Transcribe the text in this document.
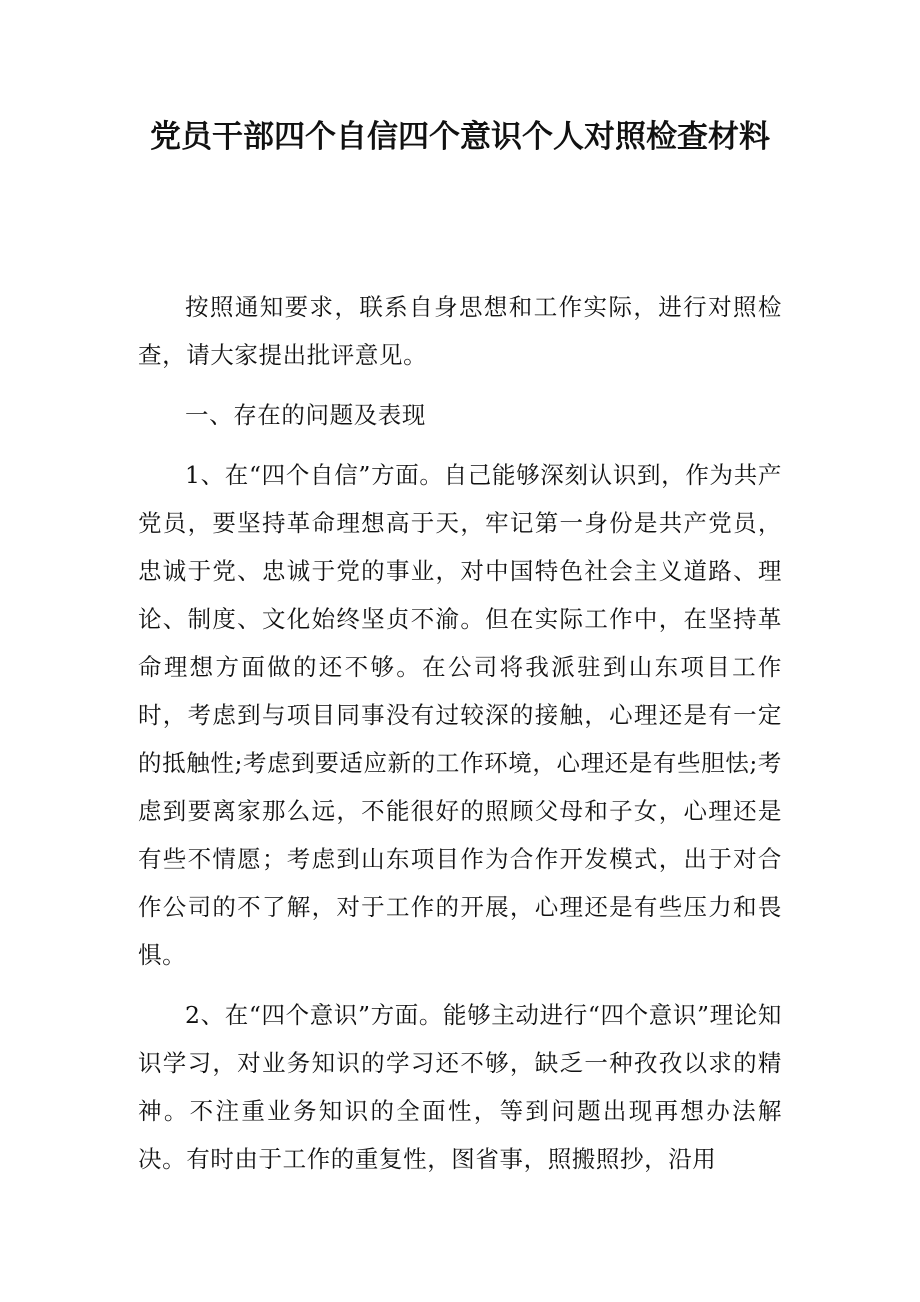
党员干部四个自信四个意识个人对照检查材料

按照通知要求，联系自身思想和工作实际，进行对照检查，请大家提出批评意见。

一、存在的问题及表现

1、在“四个自信”方面。自己能够深刻认识到，作为共产党员，要坚持革命理想高于天，牢记第一身份是共产党员，忠诚于党、忠诚于党的事业，对中国特色社会主义道路、理论、制度、文化始终坚贞不渝。但在实际工作中，在坚持革命理想方面做的还不够。在公司将我派驻到山东项目工作时，考虑到与项目同事没有过较深的接触，心理还是有一定的抵触性;考虑到要适应新的工作环境，心理还是有些胆怯;考虑到要离家那么远，不能很好的照顾父母和子女，心理还是有些不情愿；考虑到山东项目作为合作开发模式，出于对合作公司的不了解，对于工作的开展，心理还是有些压力和畏惧。

2、在“四个意识”方面。能够主动进行“四个意识”理论知识学习，对业务知识的学习还不够，缺乏一种孜孜以求的精神。不注重业务知识的全面性，等到问题出现再想办法解决。有时由于工作的重复性，图省事，照搬照抄，沿用
